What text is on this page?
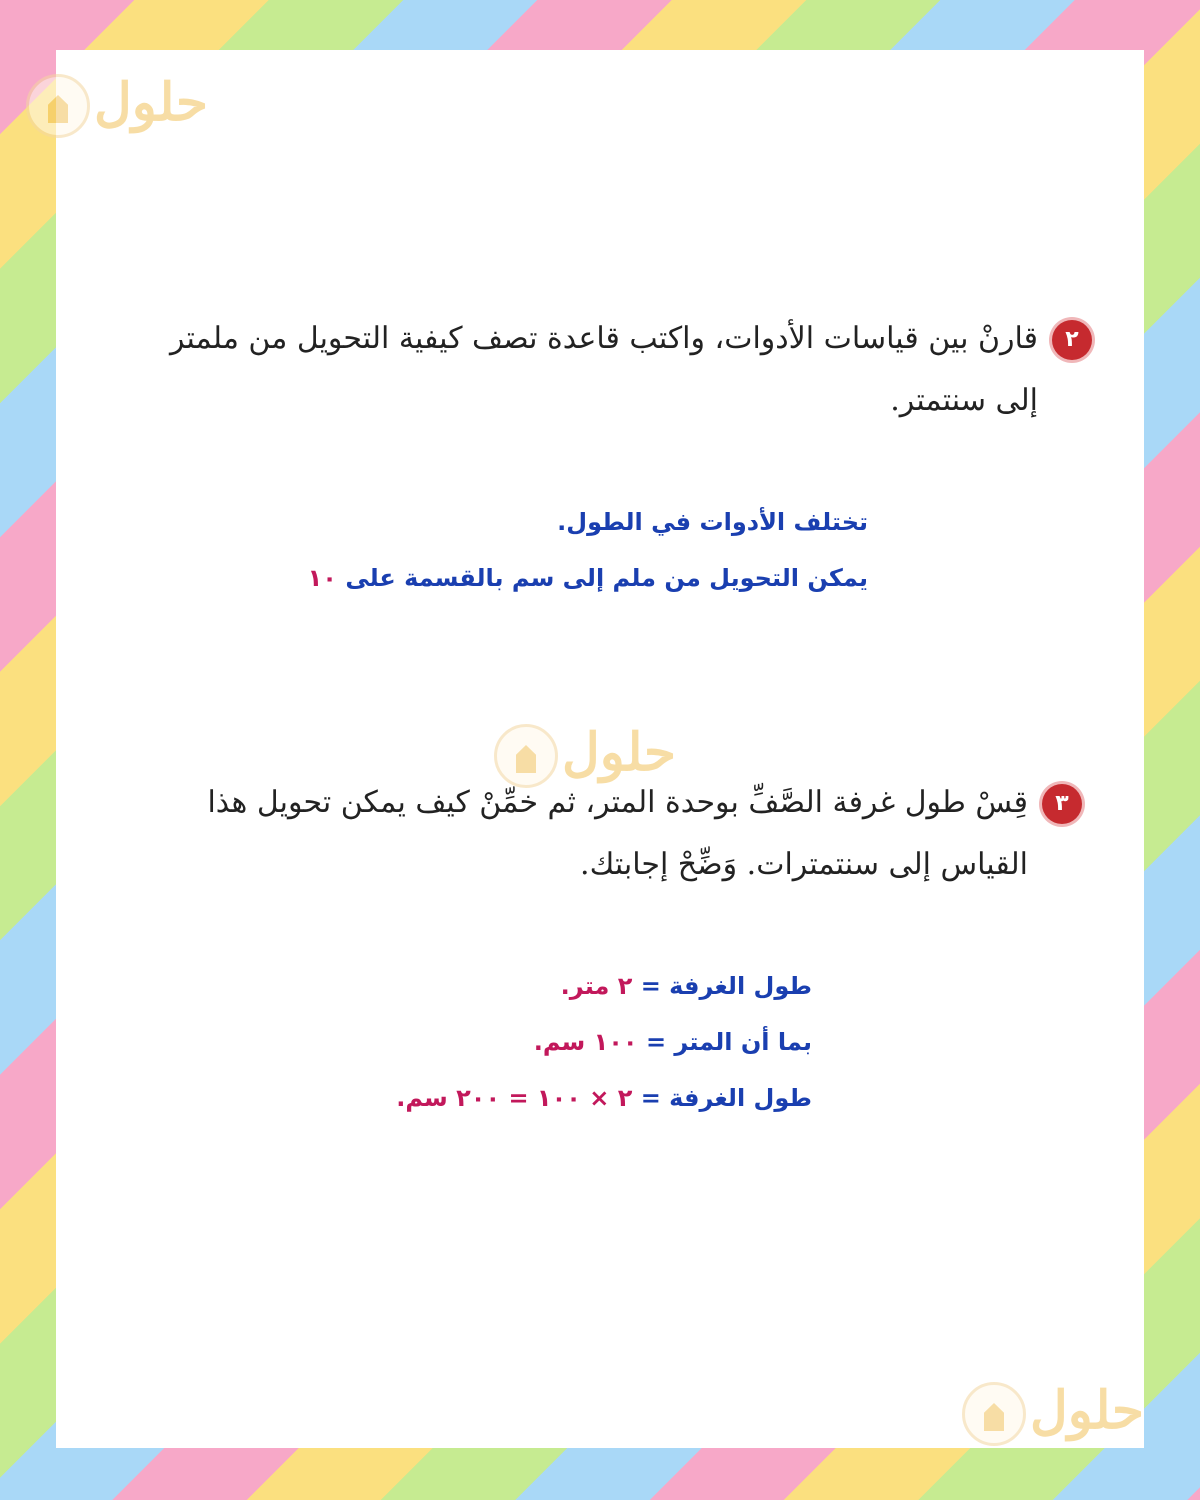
حلول
حلول
حلول
٢قارنْ بين قياسات الأدوات، واكتب قاعدة تصف كيفية التحويل من ملمتر
إلى سنتمتر.
تختلف الأدوات في الطول.
يمكن التحويل من ملم إلى سم بالقسمة على ١٠
٣قِسْ طول غرفة الصَّفِّ بوحدة المتر، ثم خمِّنْ كيف يمكن تحويل هذا
القياس إلى سنتمترات. وَضِّحْ إجابتك.
طول الغرفة = ٢ متر.
بما أن المتر = ١٠٠ سم.
طول الغرفة = ٢ × ١٠٠ = ٢٠٠ سم.
